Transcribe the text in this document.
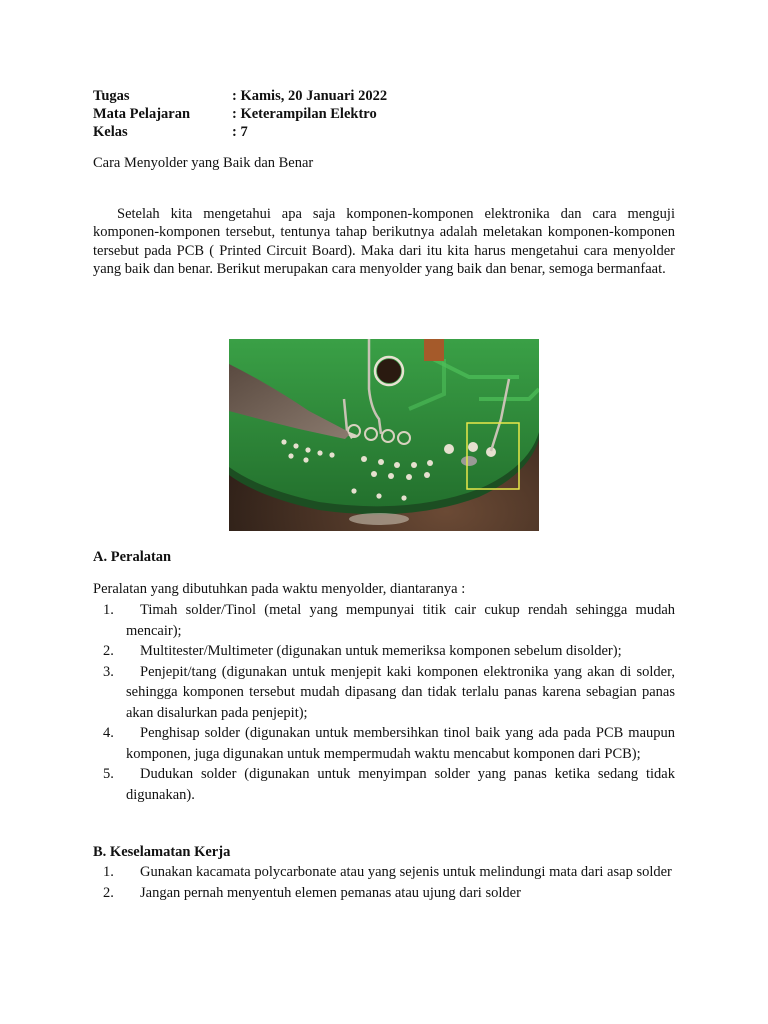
Tugas	: Kamis, 20 Januari 2022
Mata Pelajaran	: Keterampilan Elektro
Kelas	: 7
Cara Menyolder yang Baik dan Benar

Setelah kita mengetahui apa saja komponen-komponen elektronika dan cara menguji komponen-komponen tersebut, tentunya tahap berikutnya adalah meletakan komponen-komponen tersebut pada PCB ( Printed Circuit Board). Maka dari itu kita harus mengetahui cara menyolder yang baik dan benar. Berikut merupakan cara menyolder yang baik dan benar, semoga bermanfaat.

A. Peralatan
Peralatan yang dibutuhkan pada waktu menyolder, diantaranya :
1.	Timah solder/Tinol (metal yang mempunyai titik cair cukup rendah sehingga mudah mencair);
2.	Multitester/Multimeter (digunakan untuk memeriksa komponen sebelum disolder);
3.	Penjepit/tang (digunakan untuk menjepit kaki komponen elektronika yang akan di solder, sehingga komponen tersebut mudah dipasang dan tidak terlalu panas karena sebagian panas akan disalurkan pada penjepit);
4.	Penghisap solder (digunakan untuk membersihkan tinol baik yang ada pada PCB maupun komponen, juga digunakan untuk mempermudah waktu mencabut komponen dari PCB);
5.	Dudukan solder (digunakan untuk menyimpan solder yang panas ketika sedang tidak digunakan).
B. Keselamatan Kerja
1.	Gunakan kacamata polycarbonate atau yang sejenis untuk melindungi mata dari asap solder
2.	Jangan pernah menyentuh elemen pemanas atau ujung dari solder
